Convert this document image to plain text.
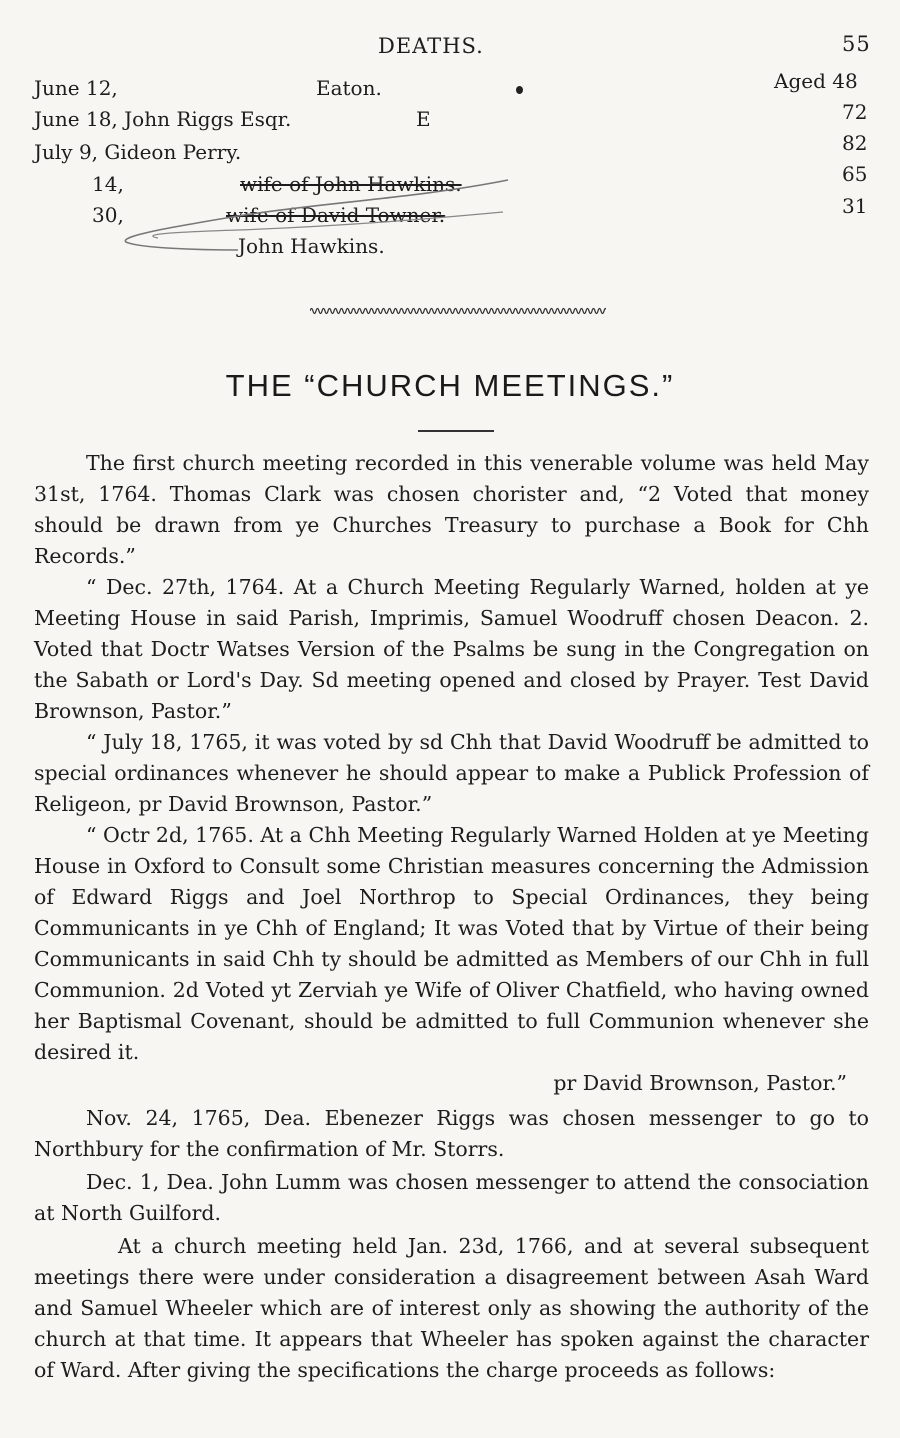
DEATHS.	55
June 12,	Eaton.	Aged 48
June 18, John Riggs Esqr.	E	72
July 9, Gideon Perry.	82
14,	wife of John Hawkins.	65
30,	wife of David Towner.	31
John Hawkins.
THE “CHURCH MEETINGS.”

The first church meeting recorded in this venerable volume was held May 31st, 1764. Thomas Clark was chosen chorister and, “2 Voted that money should be drawn from ye Churches Treasury to purchase a Book for Chh Records.”

“ Dec. 27th, 1764. At a Church Meeting Regularly Warned, holden at ye Meeting House in said Parish, Imprimis, Samuel Woodruff chosen Deacon. 2. Voted that Doctr Watses Version of the Psalms be sung in the Congregation on the Sabath or Lord's Day. Sd meeting opened and closed by Prayer. Test David Brownson, Pastor.”

“ July 18, 1765, it was voted by sd Chh that David Woodruff be admitted to special ordinances whenever he should appear to make a Publick Profession of Religeon, pr David Brownson, Pastor.”

“ Octr 2d, 1765. At a Chh Meeting Regularly Warned Holden at ye Meeting House in Oxford to Consult some Christian measures concerning the Admission of Edward Riggs and Joel Northrop to Special Ordinances, they being Communicants in ye Chh of England; It was Voted that by Virtue of their being Communicants in said Chh ty should be admitted as Members of our Chh in full Communion. 2d Voted yt Zerviah ye Wife of Oliver Chatfield, who having owned her Baptismal Covenant, should be admitted to full Communion whenever she desired it.

pr David Brownson, Pastor.”

Nov. 24, 1765, Dea. Ebenezer Riggs was chosen messenger to go to Northbury for the confirmation of Mr. Storrs.

Dec. 1, Dea. John Lumm was chosen messenger to attend the consociation at North Guilford.

At a church meeting held Jan. 23d, 1766, and at several subsequent meetings there were under consideration a disagreement between Asah Ward and Samuel Wheeler which are of interest only as showing the authority of the church at that time. It appears that Wheeler has spoken against the character of Ward. After giving the specifications the charge proceeds as follows:
